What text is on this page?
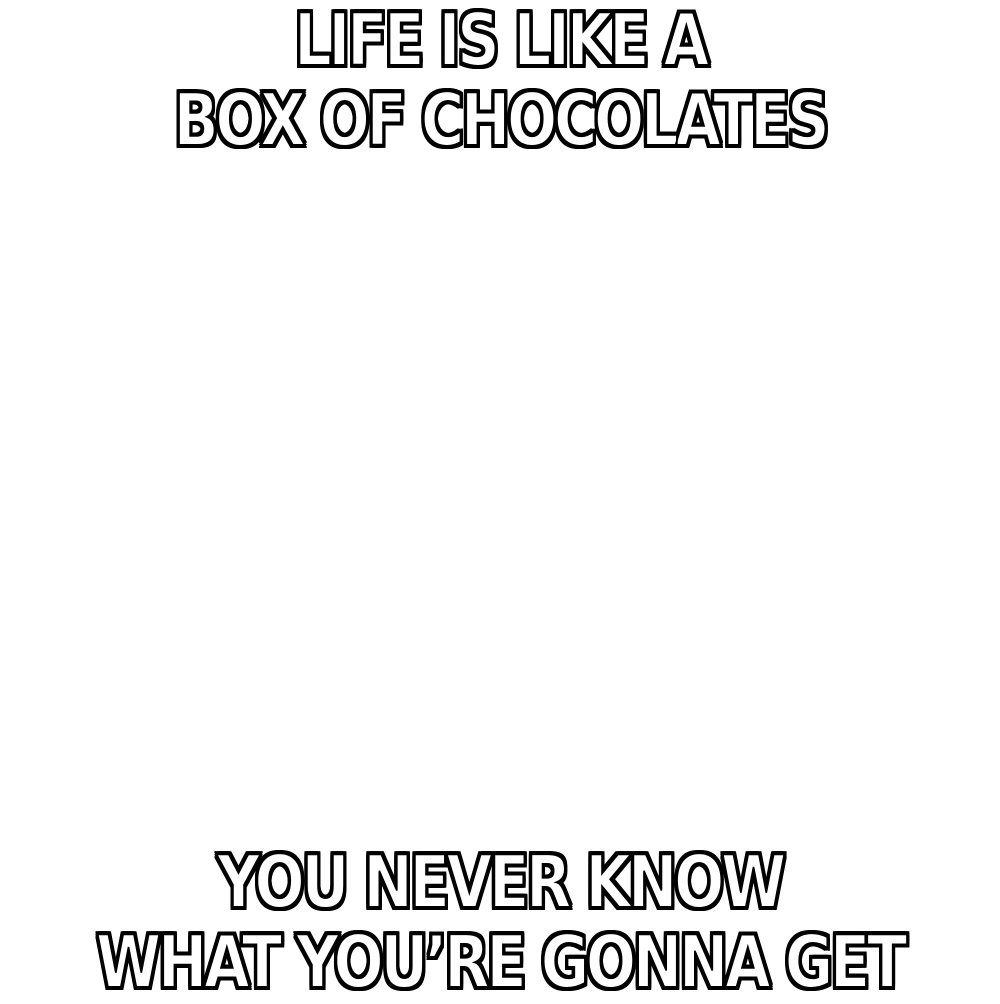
LIFE IS LIKE A
BOX OF CHOCOLATES
YOU NEVER KNOW
WHAT YOU’RE GONNA GET
